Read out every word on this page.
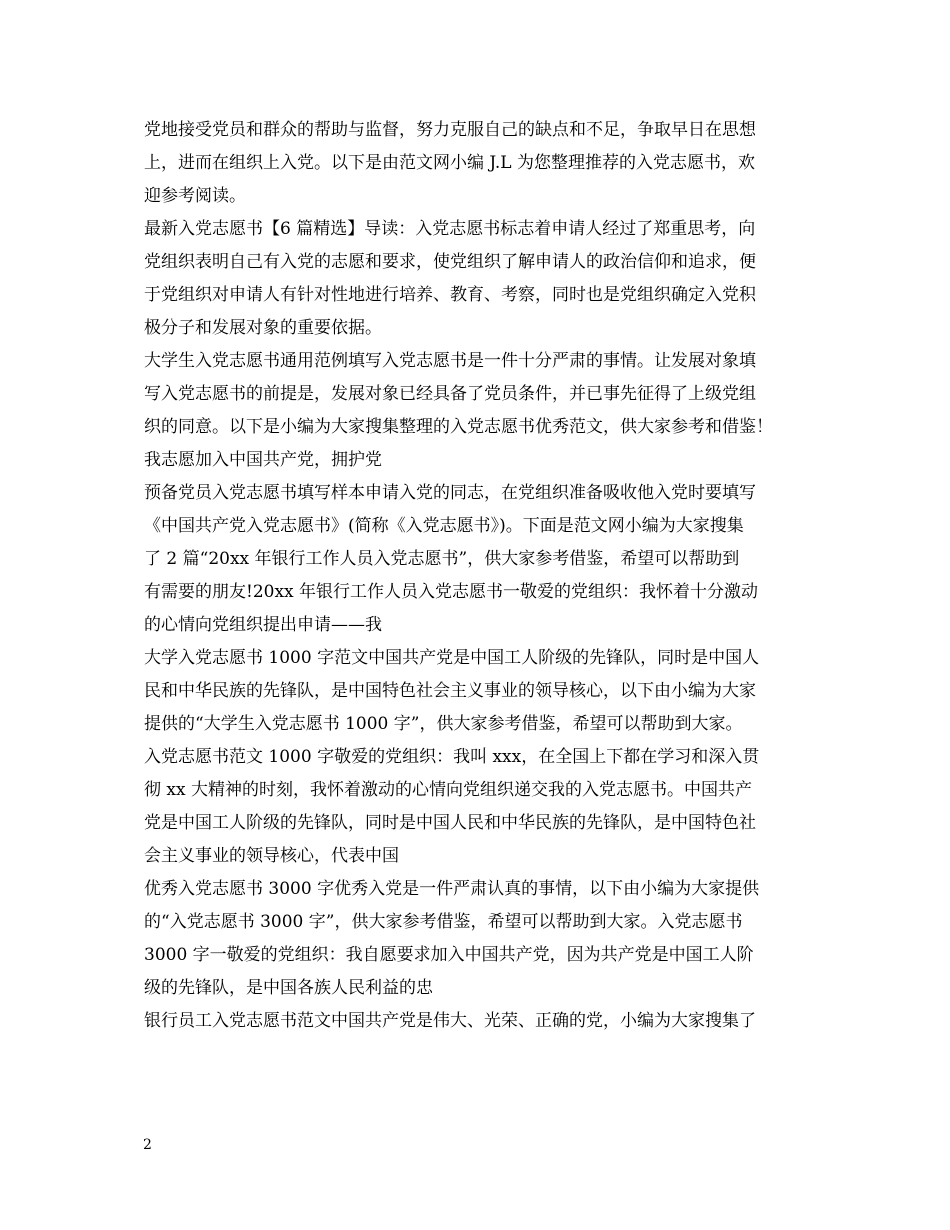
党地接受党员和群众的帮助与监督，努力克服自己的缺点和不足，争取早日在思想
上，进而在组织上入党。以下是由范文网小编 J.L 为您整理推荐的入党志愿书，欢
迎参考阅读。
最新入党志愿书【6 篇精选】导读：入党志愿书标志着申请人经过了郑重思考，向
党组织表明自己有入党的志愿和要求，使党组织了解申请人的政治信仰和追求，便
于党组织对申请人有针对性地进行培养、教育、考察，同时也是党组织确定入党积
极分子和发展对象的重要依据。
大学生入党志愿书通用范例填写入党志愿书是一件十分严肃的事情。让发展对象填
写入党志愿书的前提是，发展对象已经具备了党员条件，并已事先征得了上级党组
织的同意。以下是小编为大家搜集整理的入党志愿书优秀范文，供大家参考和借鉴！
我志愿加入中国共产党，拥护党
预备党员入党志愿书填写样本申请入党的同志，在党组织准备吸收他入党时要填写
《中国共产党入党志愿书》(简称《入党志愿书》)。下面是范文网小编为大家搜集
了 2 篇“20xx 年银行工作人员入党志愿书”，供大家参考借鉴，希望可以帮助到
有需要的朋友!20xx 年银行工作人员入党志愿书一敬爱的党组织：我怀着十分激动
的心情向党组织提出申请——我
大学入党志愿书 1000 字范文中国共产党是中国工人阶级的先锋队，同时是中国人
民和中华民族的先锋队，是中国特色社会主义事业的领导核心，以下由小编为大家
提供的“大学生入党志愿书 1000 字”，供大家参考借鉴，希望可以帮助到大家。
入党志愿书范文 1000 字敬爱的党组织：我叫 xxx，在全国上下都在学习和深入贯
彻 xx 大精神的时刻，我怀着激动的心情向党组织递交我的入党志愿书。中国共产
党是中国工人阶级的先锋队，同时是中国人民和中华民族的先锋队，是中国特色社
会主义事业的领导核心，代表中国
优秀入党志愿书 3000 字优秀入党是一件严肃认真的事情，以下由小编为大家提供
的“入党志愿书 3000 字”，供大家参考借鉴，希望可以帮助到大家。入党志愿书
3000 字一敬爱的党组织：我自愿要求加入中国共产党，因为共产党是中国工人阶
级的先锋队，是中国各族人民利益的忠
银行员工入党志愿书范文中国共产党是伟大、光荣、正确的党，小编为大家搜集了
2
